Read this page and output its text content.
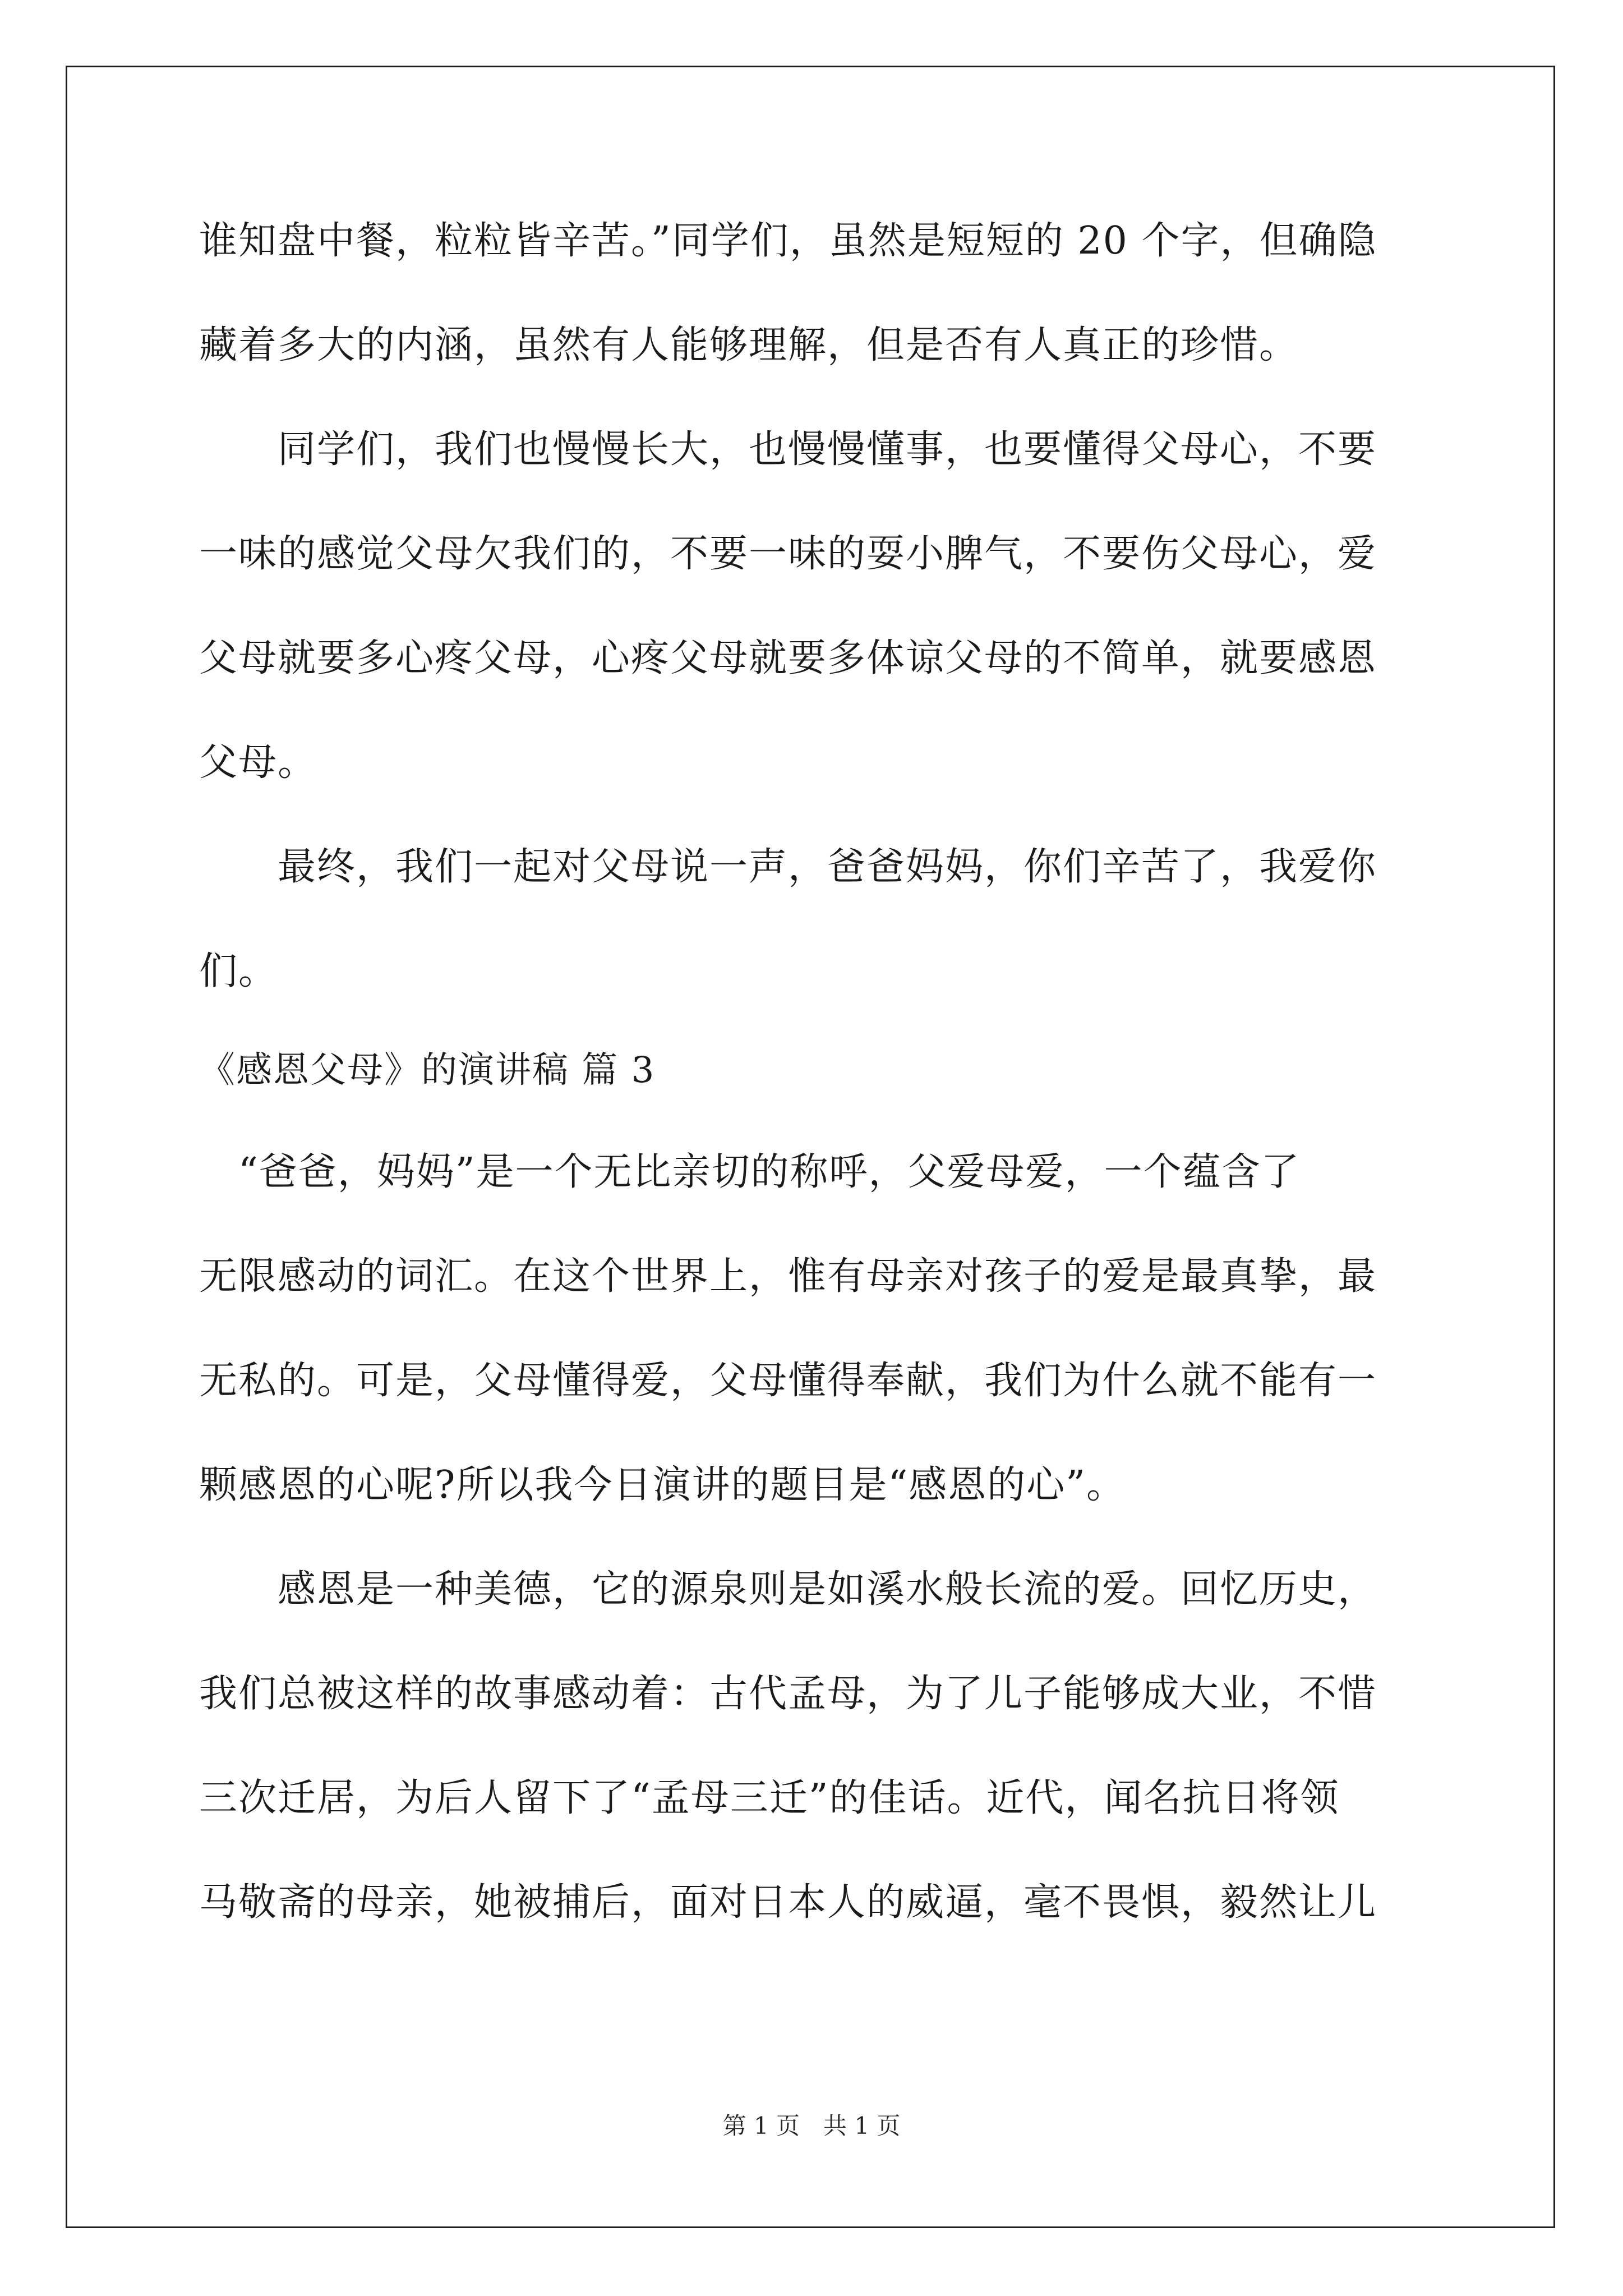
谁知盘中餐，粒粒皆辛苦。”同学们，虽然是短短的 20 个字，但确隐
藏着多大的内涵，虽然有人能够理解，但是否有人真正的珍惜。
　　同学们，我们也慢慢长大，也慢慢懂事，也要懂得父母心，不要
一味的感觉父母欠我们的，不要一味的耍小脾气，不要伤父母心，爱
父母就要多心疼父母，心疼父母就要多体谅父母的不简单，就要感恩
父母。
　　最终，我们一起对父母说一声，爸爸妈妈，你们辛苦了，我爱你
们。
《感恩父母》的演讲稿 篇 3
　“爸爸，妈妈”是一个无比亲切的称呼，父爱母爱，一个蕴含了
无限感动的词汇。在这个世界上，惟有母亲对孩子的爱是最真挚，最
无私的。可是，父母懂得爱，父母懂得奉献，我们为什么就不能有一
颗感恩的心呢?所以我今日演讲的题目是“感恩的心”。
　　感恩是一种美德，它的源泉则是如溪水般长流的爱。回忆历史，
我们总被这样的故事感动着：古代孟母，为了儿子能够成大业，不惜
三次迁居，为后人留下了“孟母三迁”的佳话。近代，闻名抗日将领
马敬斋的母亲，她被捕后，面对日本人的威逼，毫不畏惧，毅然让儿
第 1 页　共 1 页
